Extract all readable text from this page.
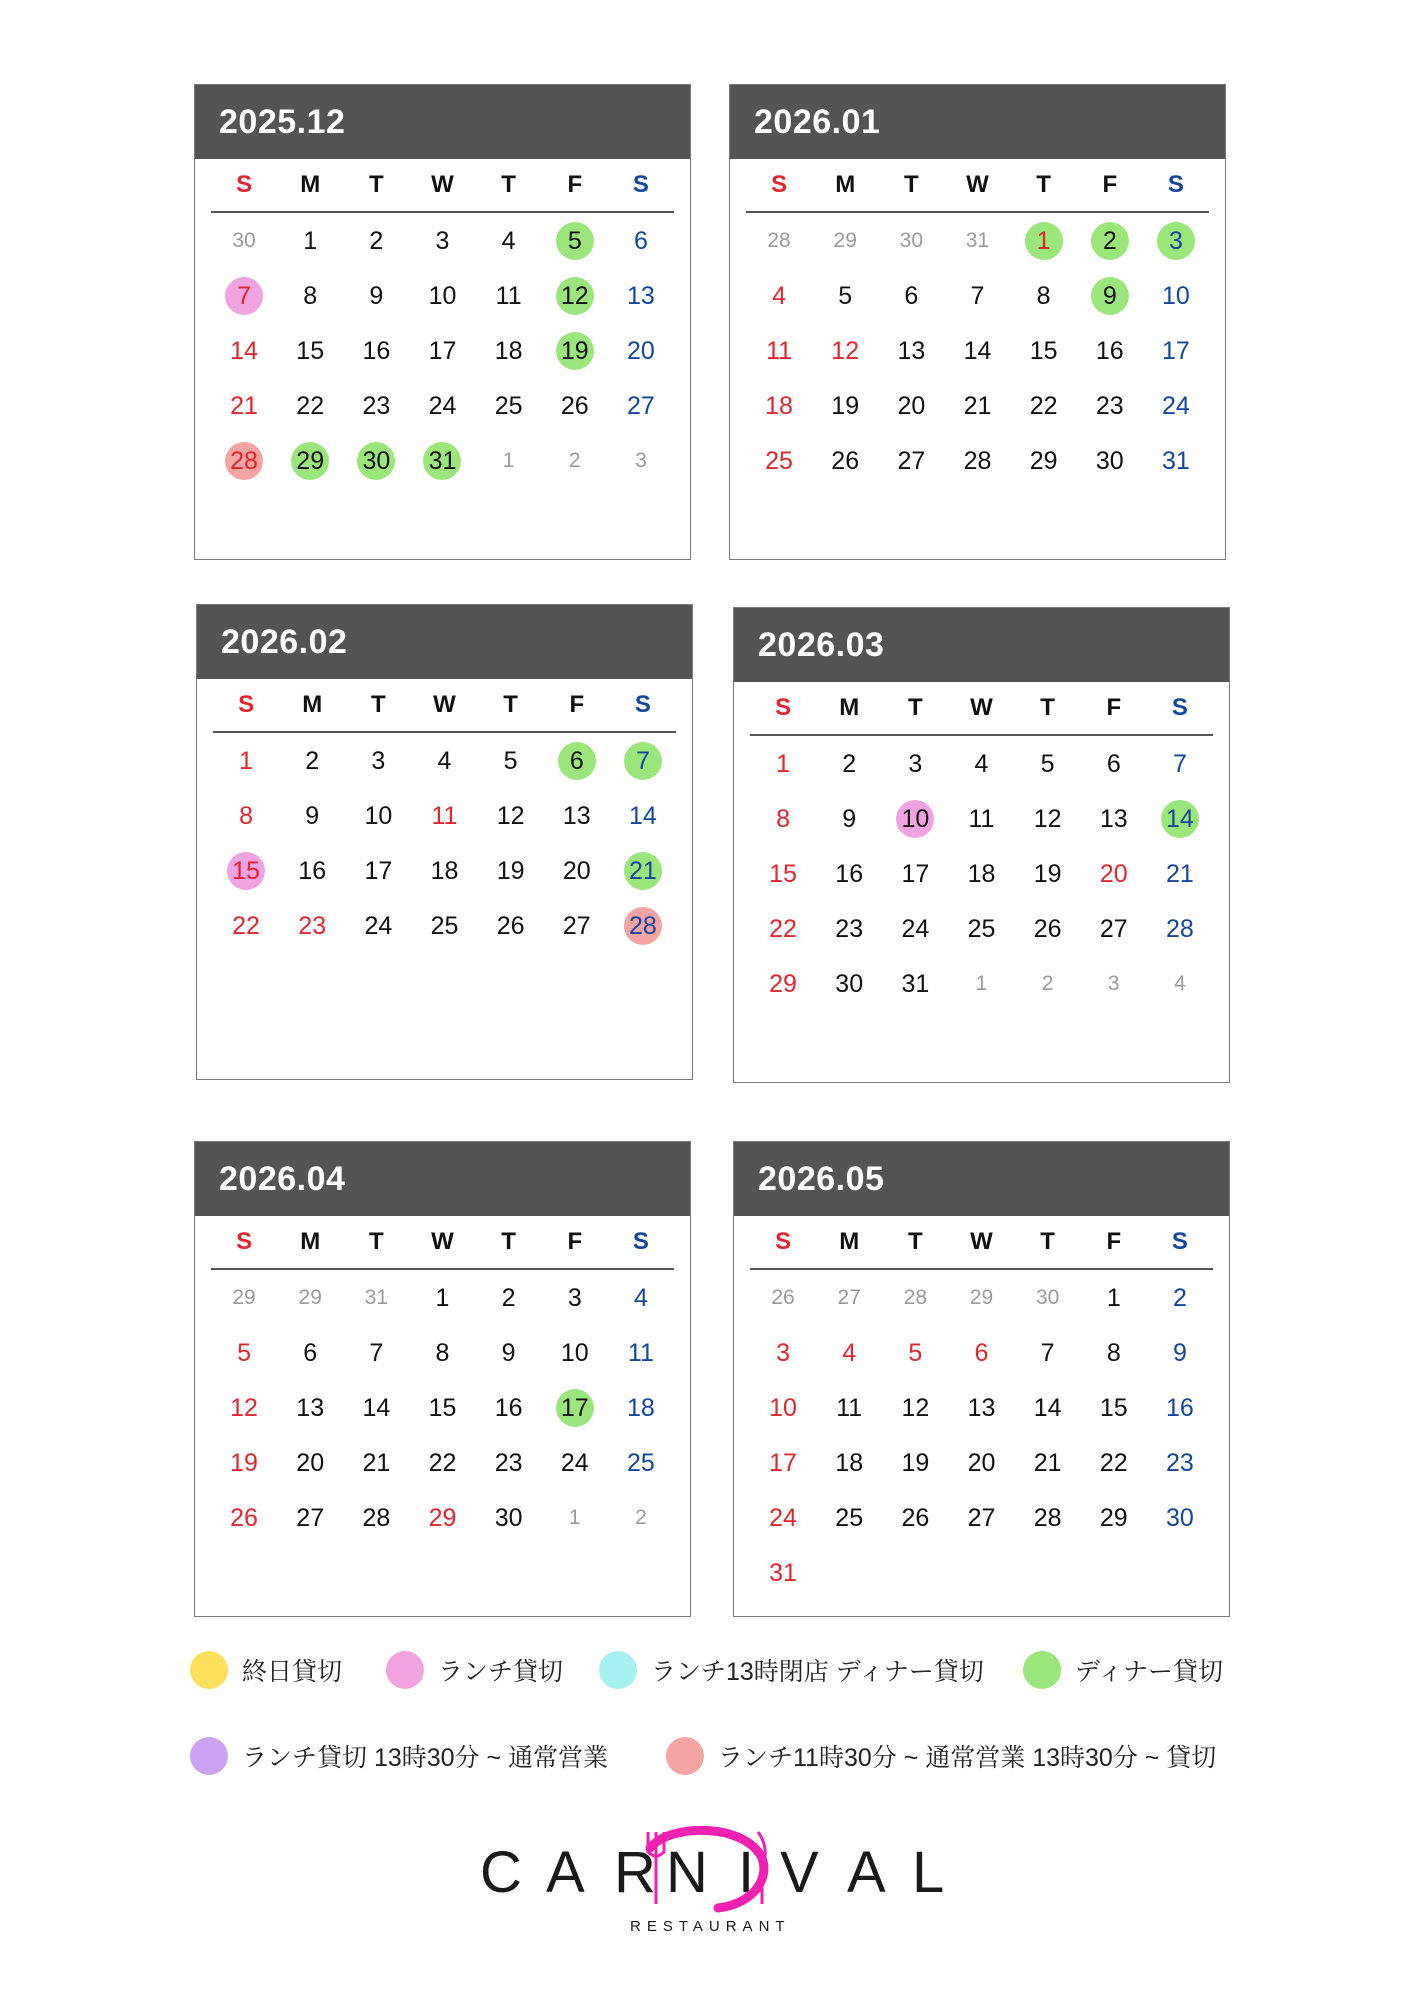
2025.12
S	M	T	W	T	F	S
30	1	2	3	4	5	6
7	8	9	10 11 12 13
14 15 16 17 18 19 20
21 22 23 24 25 26 27
28 29 30 31	1	2	3
2026.01
S	M	T	W	T	F	S
28	29	30	31	1	2	3
4	5	6	7	8	9	10
11 12 13 14 15 16 17
18 19 20 21 22 23 24
25 26 27 28 29 30 31
2026.02
S	M	T	W	T	F	S
1	2	3	4	5	6	7
8	9	10 11 12 13 14
15 16 17 18 19 20 21
22 23 24 25 26 27 28
2026.03
S	M	T	W	T	F	S
1	2	3	4	5	6	7
8	9	10 11 12 13 14
15 16 17 18 19 20 21
22 23 24 25 26 27 28
29 30 31	1	2	3	4
2026.04
S	M	T	W	T	F	S
29	29	31	1	2	3	4
5	6	7	8	9	10 11
12 13 14 15 16 17 18
19 20 21 22 23 24 25
26 27 28 29 30	1	2
2026.05
S	M	T	W	T	F	S
26	27	28	29	30	1	2
3	4	5	6	7	8	9
10 11 12 13 14 15 16
17 18 19 20 21 22 23
24 25 26 27 28 29 30
31
終日貸切	ランチ貸切	ランチ13時閉店 ディナー貸切	ディナー貸切
ランチ貸切 13時30分 ~ 通常営業	ランチ11時30分 ~ 通常営業 13時30分 ~ 貸切
C A R N I V A L
RESTAURANT
